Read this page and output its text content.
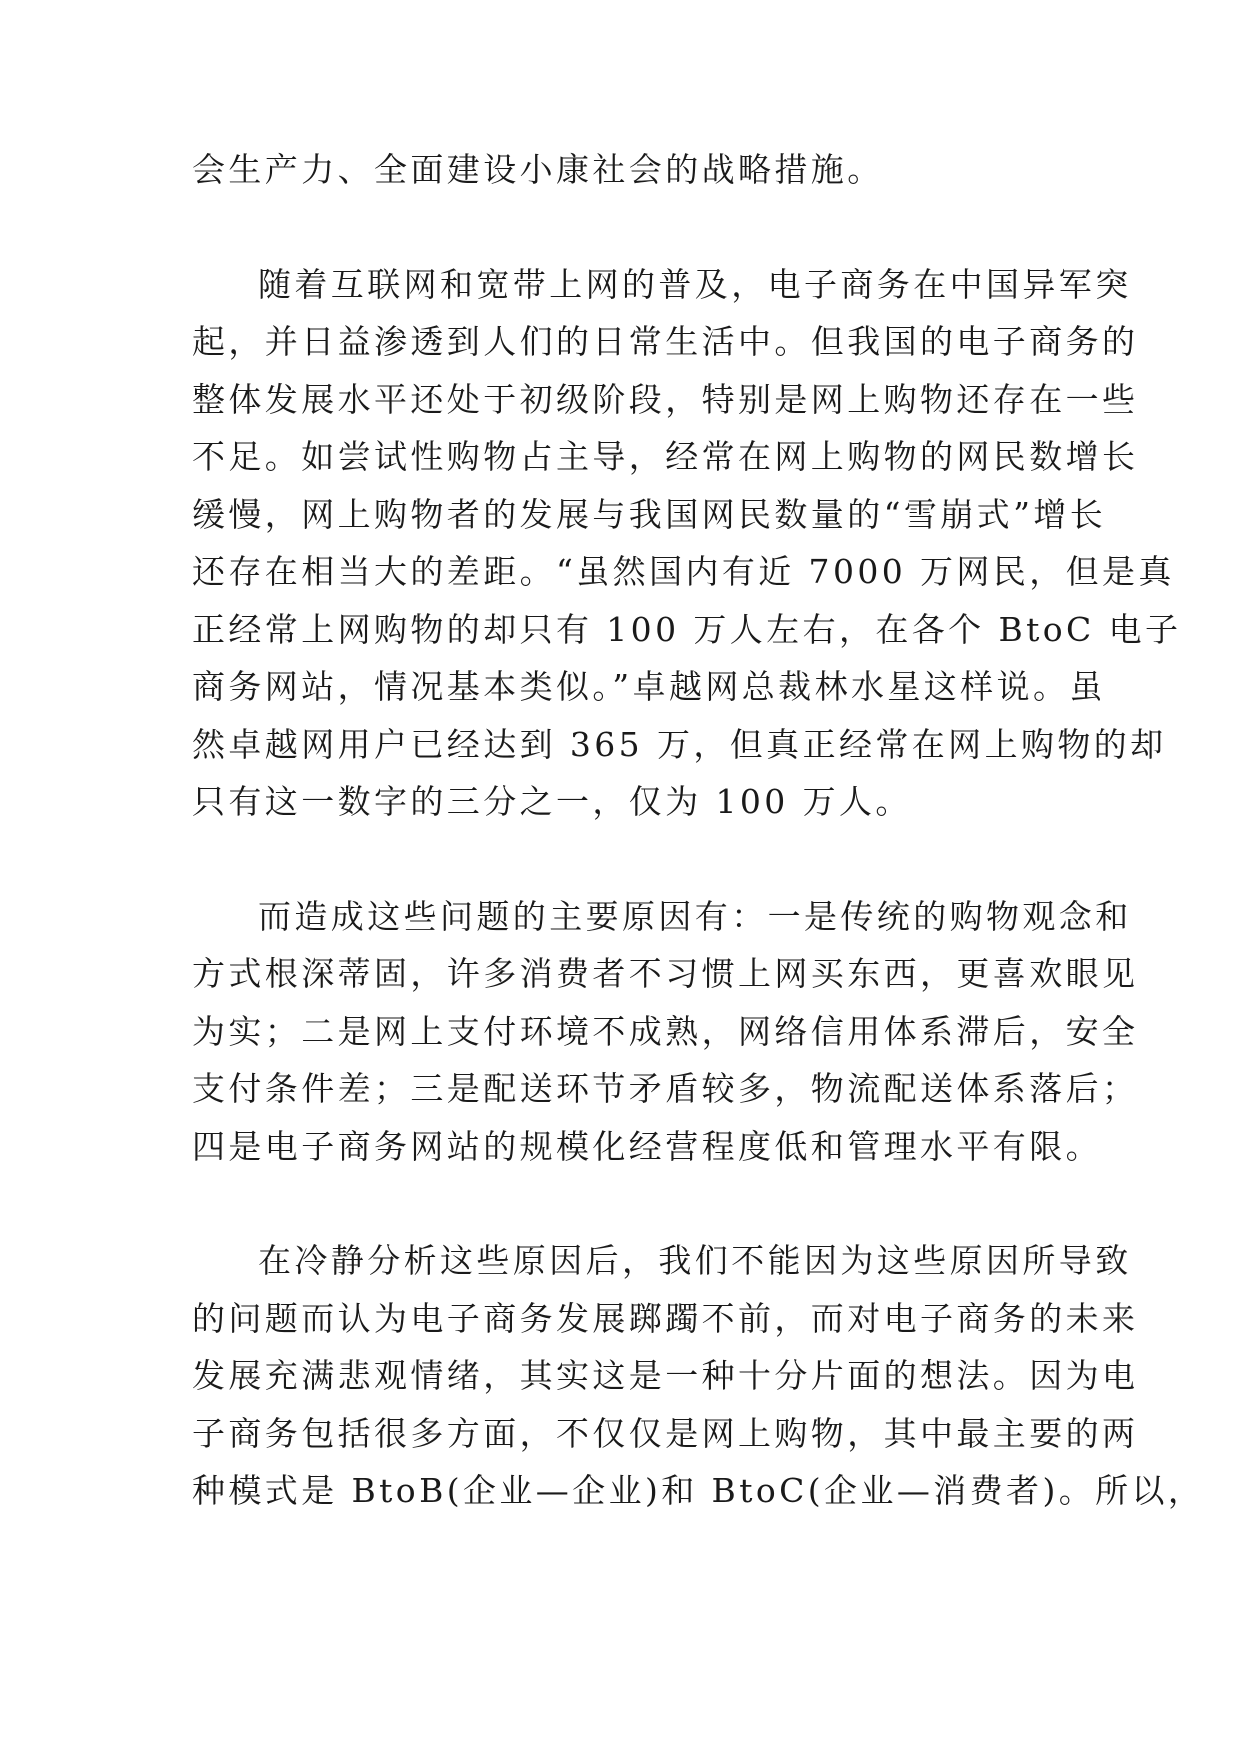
会生产力、全面建设小康社会的战略措施。
随着互联网和宽带上网的普及，电子商务在中国异军突
起，并日益渗透到人们的日常生活中。但我国的电子商务的
整体发展水平还处于初级阶段，特别是网上购物还存在一些
不足。如尝试性购物占主导，经常在网上购物的网民数增长
缓慢，网上购物者的发展与我国网民数量的“雪崩式”增长
还存在相当大的差距。“虽然国内有近 7000 万网民，但是真
正经常上网购物的却只有 100 万人左右，在各个 BtoC 电子
商务网站，情况基本类似。”卓越网总裁林水星这样说。虽
然卓越网用户已经达到 365 万，但真正经常在网上购物的却
只有这一数字的三分之一，仅为 100 万人。
而造成这些问题的主要原因有：一是传统的购物观念和
方式根深蒂固，许多消费者不习惯上网买东西，更喜欢眼见
为实；二是网上支付环境不成熟，网络信用体系滞后，安全
支付条件差；三是配送环节矛盾较多，物流配送体系落后；
四是电子商务网站的规模化经营程度低和管理水平有限。
在冷静分析这些原因后，我们不能因为这些原因所导致
的问题而认为电子商务发展踯躅不前，而对电子商务的未来
发展充满悲观情绪，其实这是一种十分片面的想法。因为电
子商务包括很多方面，不仅仅是网上购物，其中最主要的两
种模式是 BtoB(企业—企业)和 BtoC(企业—消费者)。所以，
